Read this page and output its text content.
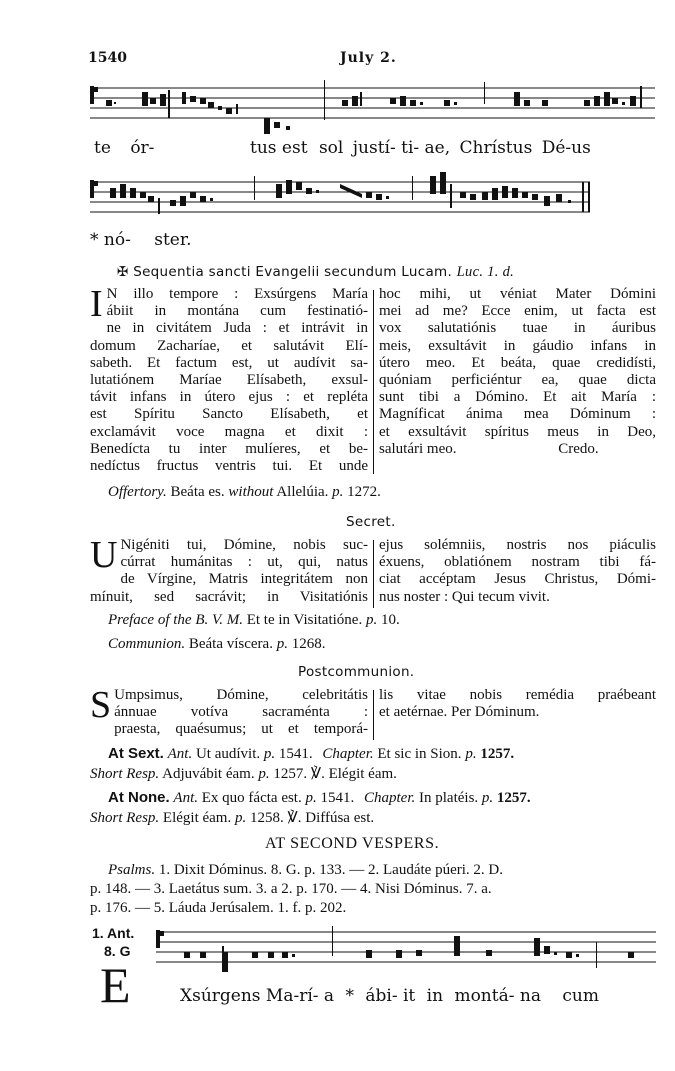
1540	July 2.
te ór-	tus est sol justí- ti- ae, Chrístus Dé-us
* nó- ster.
✠ Sequentia sancti Evangelii secundum Lucam. Luc. 1. d.
I N illo tempore : Exsúrgens María
ábiit in montána cum festinatió-
ne in civitátem Juda : et intrávit in
domum Zacharíae, et salutávit Elí-
sabeth. Et factum est, ut audívit sa-
lutatiónem Maríae Elísabeth, exsul-
távit infans in útero ejus : et repléta
est Spíritu Sancto Elísabeth, et
exclamávit voce magna et dixit :
Benedícta tu inter mulíeres, et be-
nedíctus fructus ventris tui. Et unde
hoc mihi, ut véniat Mater Dómini
mei ad me? Ecce enim, ut facta est
vox salutatiónis tuae in áuribus
meis, exsultávit in gáudio infans in
útero meo. Et beáta, quae credidísti,
quóniam perficiéntur ea, quae dicta
sunt tibi a Dómino. Et ait María :
Magníficat ánima mea Dóminum :
et exsultávit spíritus meus in Deo,
salutári meo.	Credo.
Offertory. Beáta es. without Allelúia. p. 1272.
Secret.
U Nigéniti tui, Dómine, nobis suc-
cúrrat humánitas : ut, qui, natus
de Vírgine, Matris integritátem non
mínuit, sed sacrávit; in Visitatiónis
ejus solémniis, nostris nos piáculis
éxuens, oblatiónem nostram tibi fá-
ciat accéptam Jesus Christus, Dómi-
nus noster : Qui tecum vivit.
Preface of the B. V. M. Et te in Visitatióne. p. 10.
Communion. Beáta víscera. p. 1268.
Postcommunion.
S Umpsimus, Dómine, celebritátis
ánnuae votíva sacraménta :
praesta, quaésumus; ut et temporá-
lis vitae nobis remédia praébeant
et aetérnae. Per Dóminum.
At Sext. Ant. Ut audívit. p. 1541. Chapter. Et sic in Sion. p. 1257.
Short Resp. Adjuvábit éam. p. 1257. ℣. Elégit éam.
At None. Ant. Ex quo fácta est. p. 1541. Chapter. In platéis. p. 1257.
Short Resp. Elégit éam. p. 1258. ℣. Diffúsa est.
AT SECOND VESPERS.
Psalms. 1. Dixit Dóminus. 8. G. p. 133. — 2. Laudáte púeri. 2. D.
p. 148. — 3. Laetátus sum. 3. a 2. p. 170. — 4. Nisi Dóminus. 7. a.
p. 176. — 5. Láuda Jerúsalem. 1. f. p. 202.
1. Ant.
8. G
E	Xsúrgens Ma-rí- a * ábi- it in montá- na cum
